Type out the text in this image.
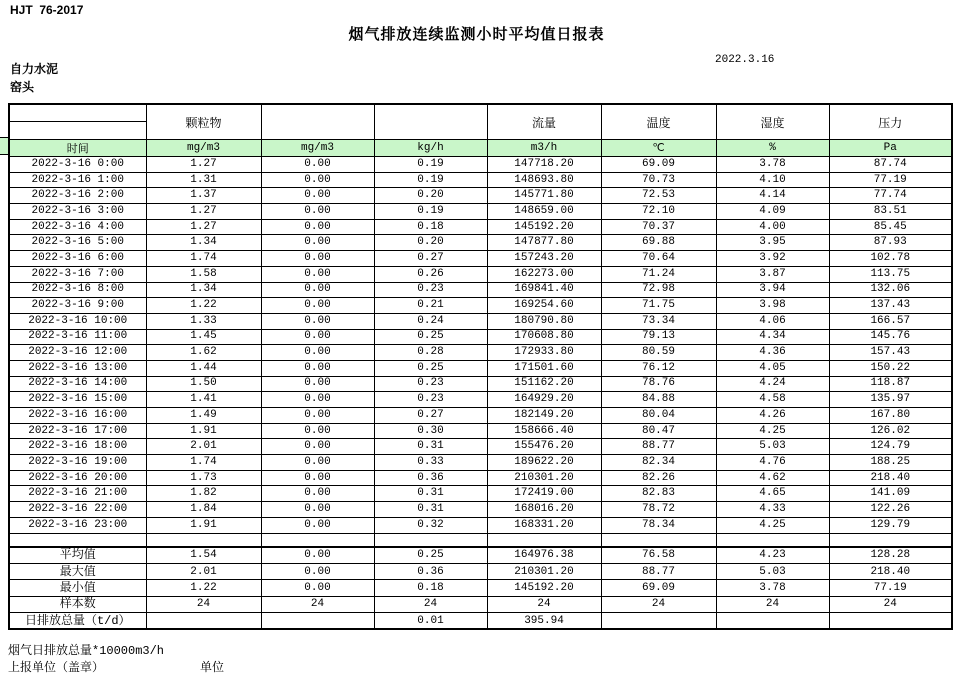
HJT  76-2017
烟气排放连续监测小时平均值日报表
自力水泥
窑头
2022.3.16
	颗粒物			流量	温度	湿度	压力
时间	mg/m3	mg/m3	kg/h	m3/h	℃	%	Pa
2022-3-16 0:00	1.27	0.00	0.19	147718.20	69.09	3.78	87.74
2022-3-16 1:00	1.31	0.00	0.19	148693.80	70.73	4.10	77.19
2022-3-16 2:00	1.37	0.00	0.20	145771.80	72.53	4.14	77.74
2022-3-16 3:00	1.27	0.00	0.19	148659.00	72.10	4.09	83.51
2022-3-16 4:00	1.27	0.00	0.18	145192.20	70.37	4.00	85.45
2022-3-16 5:00	1.34	0.00	0.20	147877.80	69.88	3.95	87.93
2022-3-16 6:00	1.74	0.00	0.27	157243.20	70.64	3.92	102.78
2022-3-16 7:00	1.58	0.00	0.26	162273.00	71.24	3.87	113.75
2022-3-16 8:00	1.34	0.00	0.23	169841.40	72.98	3.94	132.06
2022-3-16 9:00	1.22	0.00	0.21	169254.60	71.75	3.98	137.43
2022-3-16 10:00	1.33	0.00	0.24	180790.80	73.34	4.06	166.57
2022-3-16 11:00	1.45	0.00	0.25	170608.80	79.13	4.34	145.76
2022-3-16 12:00	1.62	0.00	0.28	172933.80	80.59	4.36	157.43
2022-3-16 13:00	1.44	0.00	0.25	171501.60	76.12	4.05	150.22
2022-3-16 14:00	1.50	0.00	0.23	151162.20	78.76	4.24	118.87
2022-3-16 15:00	1.41	0.00	0.23	164929.20	84.88	4.58	135.97
2022-3-16 16:00	1.49	0.00	0.27	182149.20	80.04	4.26	167.80
2022-3-16 17:00	1.91	0.00	0.30	158666.40	80.47	4.25	126.02
2022-3-16 18:00	2.01	0.00	0.31	155476.20	88.77	5.03	124.79
2022-3-16 19:00	1.74	0.00	0.33	189622.20	82.34	4.76	188.25
2022-3-16 20:00	1.73	0.00	0.36	210301.20	82.26	4.62	218.40
2022-3-16 21:00	1.82	0.00	0.31	172419.00	82.83	4.65	141.09
2022-3-16 22:00	1.84	0.00	0.31	168016.20	78.72	4.33	122.26
2022-3-16 23:00	1.91	0.00	0.32	168331.20	78.34	4.25	129.79

平均值	1.54	0.00	0.25	164976.38	76.58	4.23	128.28
最大值	2.01	0.00	0.36	210301.20	88.77	5.03	218.40
最小值	1.22	0.00	0.18	145192.20	69.09	3.78	77.19
样本数	24	24	24	24	24	24	24
日排放总量（t/d）			0.01	395.94			
烟气日排放总量*10000m3/h
上报单位（盖章）	单位
